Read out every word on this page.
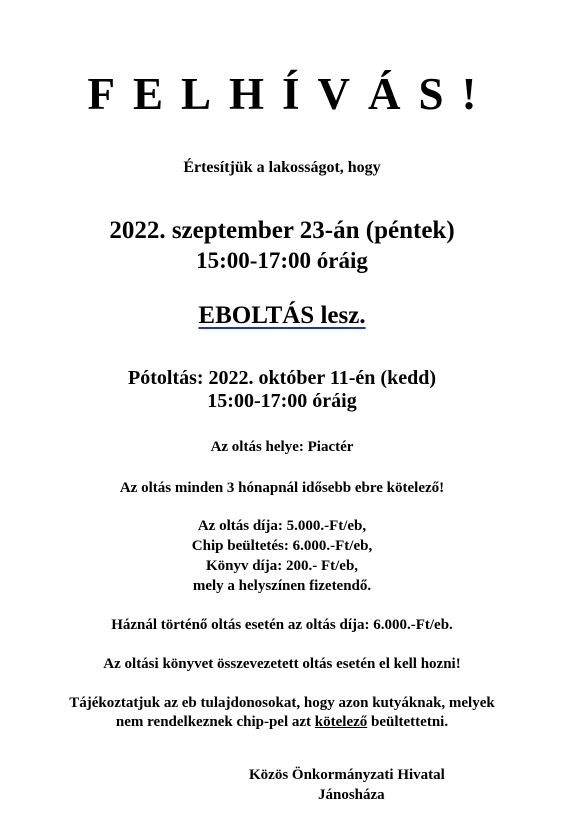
FELHÍVÁS!
Értesítjük a lakosságot, hogy
2022. szeptember 23-án (péntek)
15:00-17:00 óráig
EBOLTÁS lesz.
Pótoltás: 2022. október 11-én (kedd)
15:00-17:00 óráig
Az oltás helye: Piactér
Az oltás minden 3 hónapnál idősebb ebre kötelező!
Az oltás díja: 5.000.-Ft/eb,
Chip beültetés: 6.000.-Ft/eb,
Könyv díja: 200.- Ft/eb,
mely a helyszínen fizetendő.
Háznál történő oltás esetén az oltás díja: 6.000.-Ft/eb.
Az oltási könyvet összevezetett oltás esetén el kell hozni!
Tájékoztatjuk az eb tulajdonosokat, hogy azon kutyáknak, melyek
nem rendelkeznek chip-pel azt kötelező beültettetni.
Közös Önkormányzati Hivatal
Jánosháza
